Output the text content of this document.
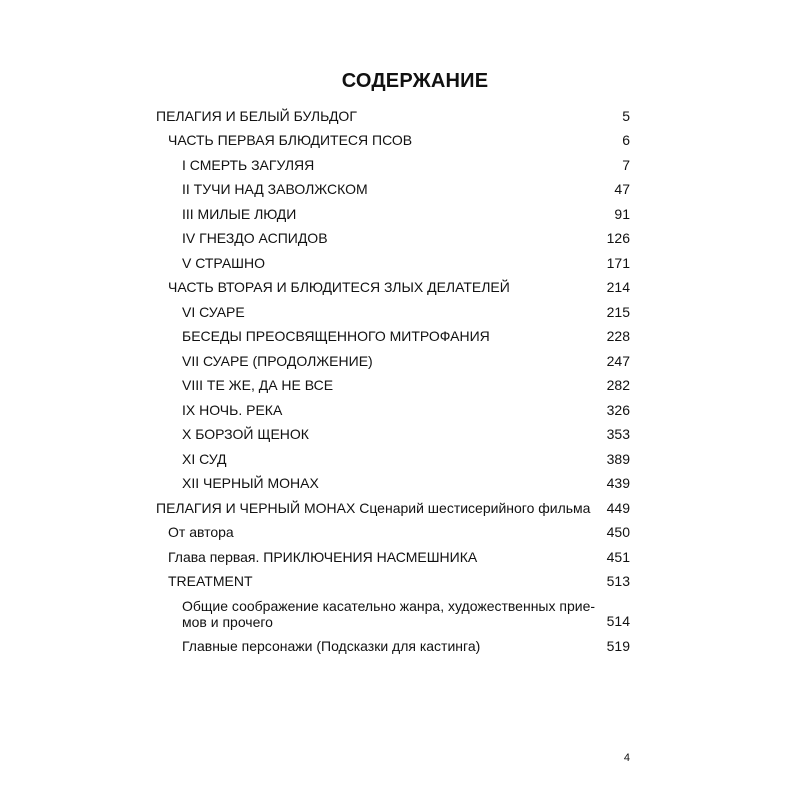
СОДЕРЖАНИЕ
ПЕЛАГИЯ И БЕЛЫЙ БУЛЬДОГ	5
ЧАСТЬ ПЕРВАЯ БЛЮДИТЕСЯ ПСОВ	6
I СМЕРТЬ ЗАГУЛЯЯ	7
II ТУЧИ НАД ЗАВОЛЖСКОМ	47
III МИЛЫЕ ЛЮДИ	91
IV ГНЕЗДО АСПИДОВ	126
V СТРАШНО	171
ЧАСТЬ ВТОРАЯ И БЛЮДИТЕСЯ ЗЛЫХ ДЕЛАТЕЛЕЙ	214
VI СУАРЕ	215
БЕСЕДЫ ПРЕОСВЯЩЕННОГО МИТРОФАНИЯ	228
VII СУАРЕ (ПРОДОЛЖЕНИЕ)	247
VIII ТЕ ЖЕ, ДА НЕ ВСЕ	282
IX НОЧЬ. РЕКА	326
X БОРЗОЙ ЩЕНОК	353
XI СУД	389
XII ЧЕРНЫЙ МОНАХ	439
ПЕЛАГИЯ И ЧЕРНЫЙ МОНАХ Сценарий шестисерийного фильма	449
От автора	450
Глава первая. ПРИКЛЮЧЕНИЯ НАСМЕШНИКА	451
TREATMENT	513
Общие соображение касательно жанра, художественных прие-мов и прочего	514
Главные персонажи (Подсказки для кастинга)	519
4
